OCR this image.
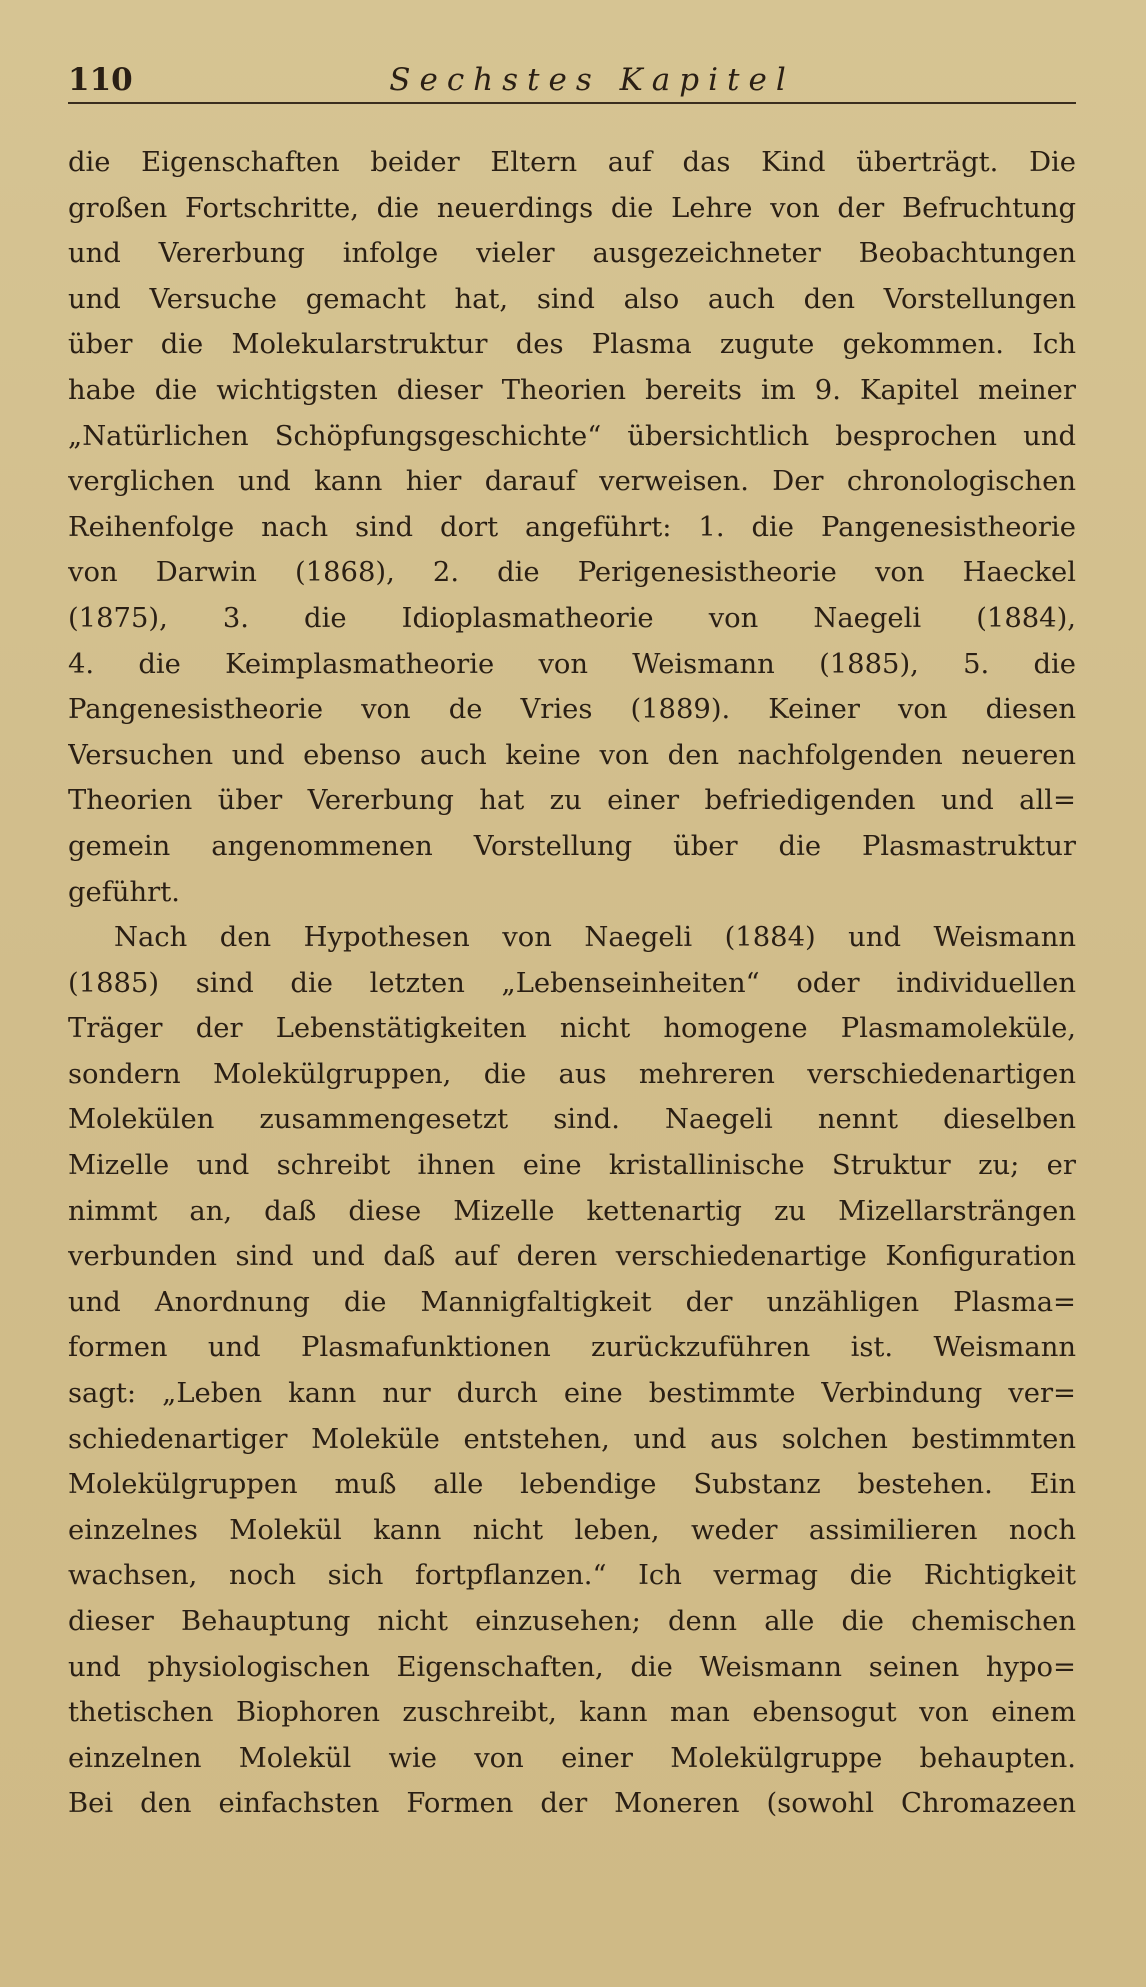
110	Sechstes Kapitel
die Eigenschaften beider Eltern auf das Kind überträgt. Die
großen Fortschritte, die neuerdings die Lehre von der Befruchtung
und Vererbung infolge vieler ausgezeichneter Beobachtungen
und Versuche gemacht hat, sind also auch den Vorstellungen
über die Molekularstruktur des Plasma zugute gekommen. Ich
habe die wichtigsten dieser Theorien bereits im 9. Kapitel meiner
„Natürlichen Schöpfungsgeschichte“ übersichtlich besprochen und
verglichen und kann hier darauf verweisen. Der chronologischen
Reihenfolge nach sind dort angeführt: 1. die Pangenesistheorie
von Darwin (1868), 2. die Perigenesistheorie von Haeckel
(1875), 3. die Idioplasmatheorie von Naegeli (1884),
4. die Keimplasmatheorie von Weismann (1885), 5. die
Pangenesistheorie von de Vries (1889). Keiner von diesen
Versuchen und ebenso auch keine von den nachfolgenden neueren
Theorien über Vererbung hat zu einer befriedigenden und all=
gemein angenommenen Vorstellung über die Plasmastruktur
geführt.
Nach den Hypothesen von Naegeli (1884) und Weismann
(1885) sind die letzten „Lebenseinheiten“ oder individuellen
Träger der Lebenstätigkeiten nicht homogene Plasmamoleküle,
sondern Molekülgruppen, die aus mehreren verschiedenartigen
Molekülen zusammengesetzt sind. Naegeli nennt dieselben
Mizelle und schreibt ihnen eine kristallinische Struktur zu; er
nimmt an, daß diese Mizelle kettenartig zu Mizellarsträngen
verbunden sind und daß auf deren verschiedenartige Konfiguration
und Anordnung die Mannigfaltigkeit der unzähligen Plasma=
formen und Plasmafunktionen zurückzuführen ist. Weismann
sagt: „Leben kann nur durch eine bestimmte Verbindung ver=
schiedenartiger Moleküle entstehen, und aus solchen bestimmten
Molekülgruppen muß alle lebendige Substanz bestehen. Ein
einzelnes Molekül kann nicht leben, weder assimilieren noch
wachsen, noch sich fortpflanzen.“ Ich vermag die Richtigkeit
dieser Behauptung nicht einzusehen; denn alle die chemischen
und physiologischen Eigenschaften, die Weismann seinen hypo=
thetischen Biophoren zuschreibt, kann man ebensogut von einem
einzelnen Molekül wie von einer Molekülgruppe behaupten.
Bei den einfachsten Formen der Moneren (sowohl Chromazeen
